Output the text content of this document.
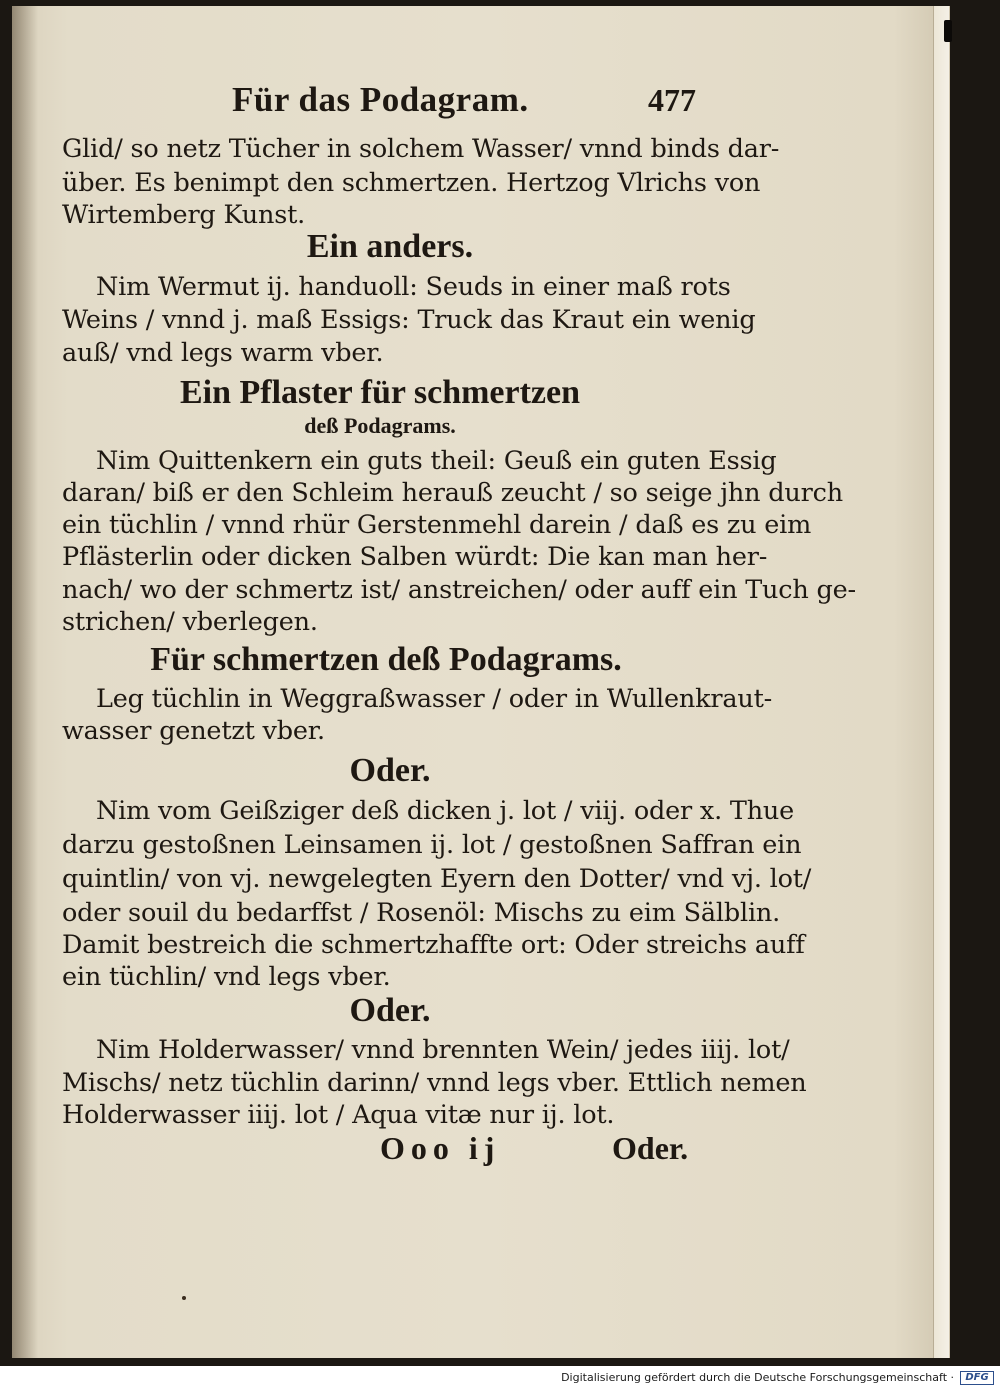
Für das Podagram.	477

Glid/ so netz Tücher in solchem Wasser/ vnnd binds dar-

über. Es benimpt den schmertzen. Hertzog Vlrichs von

Wirtemberg Kunst.

Ein anders.

Nim Wermut ij. handuoll: Seuds in einer maß rots

Weins / vnnd j. maß Essigs: Truck das Kraut ein wenig

auß/ vnd legs warm vber.

Ein Pflaster für schmertzen

deß Podagrams.

Nim Quittenkern ein guts theil: Geuß ein guten Essig

daran/ biß er den Schleim herauß zeucht / so seige jhn durch

ein tüchlin / vnnd rhür Gerstenmehl darein / daß es zu eim

Pflästerlin oder dicken Salben würdt: Die kan man her-

nach/ wo der schmertz ist/ anstreichen/ oder auff ein Tuch ge-

strichen/ vberlegen.

Für schmertzen deß Podagrams.

Leg tüchlin in Weggraßwasser / oder in Wullenkraut-

wasser genetzt vber.

Oder.

Nim vom Geißziger deß dicken j. lot / viij. oder x. Thue

darzu gestoßnen Leinsamen ij. lot / gestoßnen Saffran ein

quintlin/ von vj. newgelegten Eyern den Dotter/ vnd vj. lot/

oder souil du bedarffst / Rosenöl: Mischs zu eim Sälblin.

Damit bestreich die schmertzhaffte ort: Oder streichs auff

ein tüchlin/ vnd legs vber.

Oder.

Nim Holderwasser/ vnnd brennten Wein/ jedes iiij. lot/

Mischs/ netz tüchlin darinn/ vnnd legs vber. Ettlich nemen

Holderwasser iiij. lot / Aqua vitæ nur ij. lot.

Ooo ij	Oder.

Digitalisierung gefördert durch die Deutsche Forschungsgemeinschaft ·	DFG
